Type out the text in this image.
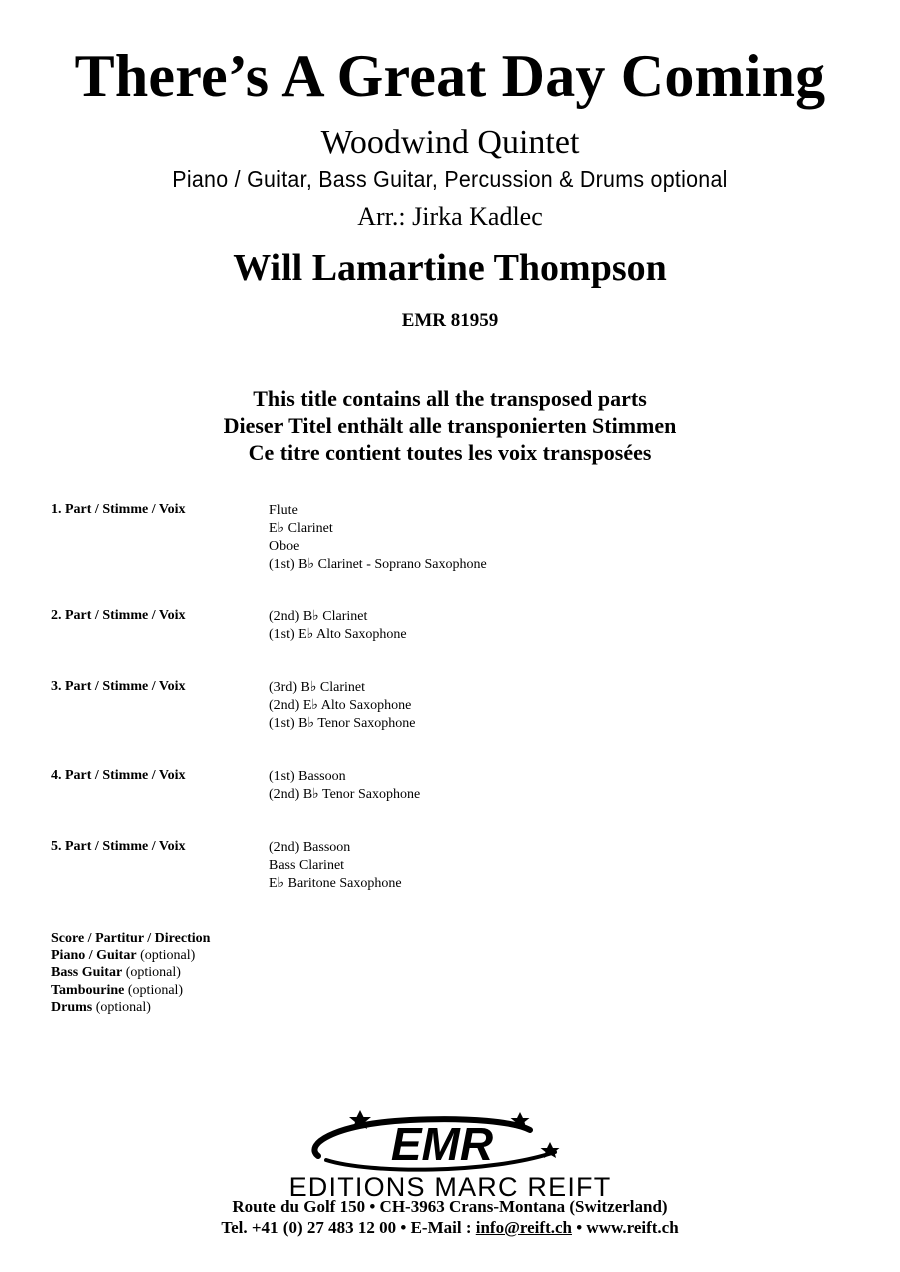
There’s A Great Day Coming
Woodwind Quintet
Piano / Guitar, Bass Guitar, Percussion & Drums optional
Arr.: Jirka Kadlec
Will Lamartine Thompson
EMR 81959
This title contains all the transposed parts
Dieser Titel enthält alle transponierten Stimmen
Ce titre contient toutes les voix transposées
1. Part / Stimme / Voix	Flute
E♭ Clarinet
Oboe
(1st) B♭ Clarinet - Soprano Saxophone
2. Part / Stimme / Voix	(2nd) B♭ Clarinet
(1st) E♭ Alto Saxophone
3. Part / Stimme / Voix	(3rd) B♭ Clarinet
(2nd) E♭ Alto Saxophone
(1st) B♭ Tenor Saxophone
4. Part / Stimme / Voix	(1st) Bassoon
(2nd) B♭ Tenor Saxophone
5. Part / Stimme / Voix	(2nd) Bassoon
Bass Clarinet
E♭ Baritone Saxophone
Score / Partitur / Direction
Piano / Guitar (optional)
Bass Guitar (optional)
Tambourine (optional)
Drums (optional)
EMR
EDITIONS MARC REIFT
Route du Golf 150 • CH-3963 Crans-Montana (Switzerland)
Tel. +41 (0) 27 483 12 00 • E-Mail : info@reift.ch • www.reift.ch
